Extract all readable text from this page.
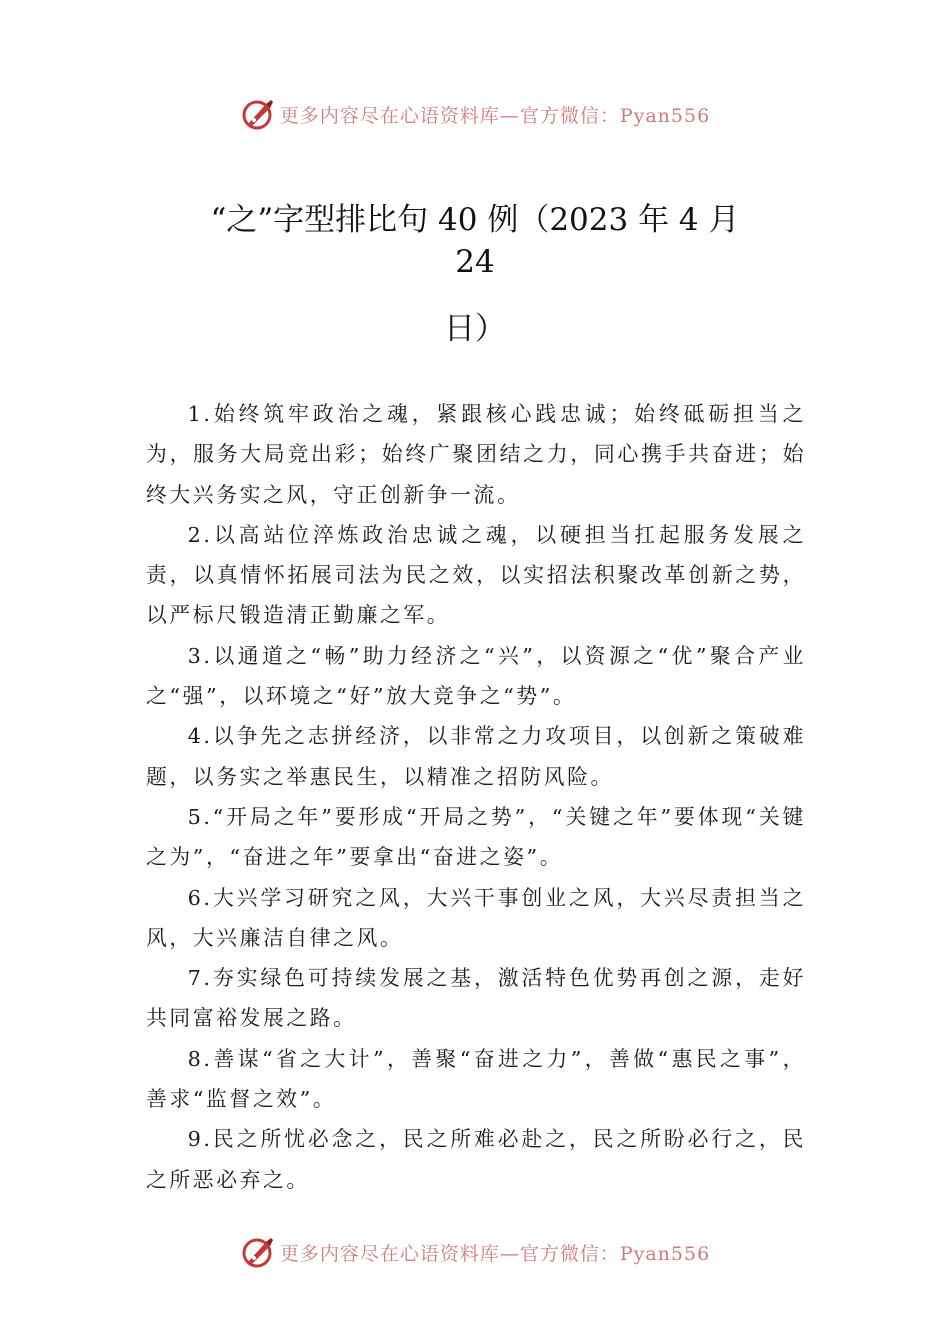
更多内容尽在心语资料库—官方微信：Pyan556
“之”字型排比句 40 例（2023 年 4 月
24
日）

1.始终筑牢政治之魂，紧跟核心践忠诚；始终砥砺担当之为，服务大局竞出彩；始终广聚团结之力，同心携手共奋进；始终大兴务实之风，守正创新争一流。

2.以高站位淬炼政治忠诚之魂，以硬担当扛起服务发展之责，以真情怀拓展司法为民之效，以实招法积聚改革创新之势，以严标尺锻造清正勤廉之军。

3.以通道之“畅”助力经济之“兴”，以资源之“优”聚合产业之“强”，以环境之“好”放大竞争之“势”。

4.以争先之志拼经济，以非常之力攻项目，以创新之策破难题，以务实之举惠民生，以精准之招防风险。

5.“开局之年”要形成“开局之势”，“关键之年”要体现“关键之为”，“奋进之年”要拿出“奋进之姿”。

6.大兴学习研究之风，大兴干事创业之风，大兴尽责担当之风，大兴廉洁自律之风。

7.夯实绿色可持续发展之基，激活特色优势再创之源，走好共同富裕发展之路。

8.善谋“省之大计”，善聚“奋进之力”，善做“惠民之事”，善求“监督之效”。

9.民之所忧必念之，民之所难必赴之，民之所盼必行之，民之所恶必弃之。

更多内容尽在心语资料库—官方微信：Pyan556
